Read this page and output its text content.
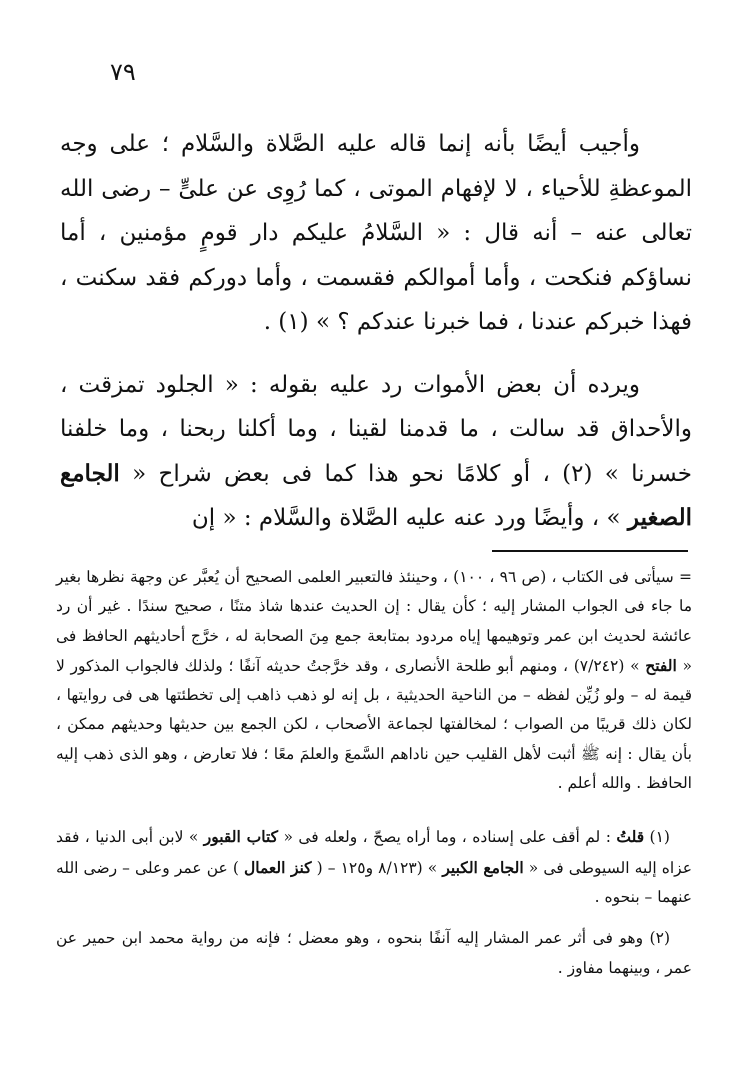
٧٩

وأجيب أيضًا بأنه إنما قاله عليه الصَّلاة والسَّلام ؛ على وجه الموعظةِ للأحياء ، لا لإفهام الموتى ، كما رُوِى عن علىٍّ – رضى الله تعالى عنه – أنه قال : « السَّلامُ عليكم دار قومٍ مؤمنين ، أما نساؤكم فنكحت ، وأما أموالكم فقسمت ، وأما دوركم فقد سكنت ، فهذا خبركم عندنا ، فما خبرنا عندكم ؟ » (١) .

ويرده أن بعض الأموات رد عليه بقوله : « الجلود تمزقت ، والأحداق قد سالت ، ما قدمنا لقينا ، وما أكلنا ربحنا ، وما خلفنا خسرنا » (٢) ، أو كلامًا نحو هذا كما فى بعض شراح « الجامع الصغير » ، وأيضًا ورد عنه عليه الصَّلاة والسَّلام : « إن

= سيأتى فى الكتاب ، (ص ٩٦ ، ١٠٠) ، وحينئذ فالتعبير العلمى الصحيح أن يُعبَّر عن وجهة نظرها بغير ما جاء فى الجواب المشار إليه ؛ كأن يقال : إن الحديث عندها شاذ متنًا ، صحيح سندًا . غير أن رد عائشة لحديث ابن عمر وتوهيمها إياه مردود بمتابعة جمع مِنَ الصحابة له ، خرَّج أحاديثهم الحافظ فى « الفتح » (٧/٢٤٢) ، ومنهم أبو طلحة الأنصارى ، وقد خرَّجتُ حديثه آنفًا ؛ ولذلك فالجواب المذكور لا قيمة له – ولو زُيِّن لفظه – من الناحية الحديثية ، بل إنه لو ذهب ذاهب إلى تخطئتها هى فى روايتها ، لكان ذلك قريبًا من الصواب ؛ لمخالفتها لجماعة الأصحاب ، لكن الجمع بين حديثها وحديثهم ممكن ، بأن يقال : إنه ﷺ أثبت لأهل القليب حين ناداهم السَّمعَ والعلمَ معًا ؛ فلا تعارض ، وهو الذى ذهب إليه الحافظ . والله أعلم .

(١) قلتُ : لم أقف على إسناده ، وما أراه يصحّ ، ولعله فى « كتاب القبور » لابن أبى الدنيا ، فقد عزاه إليه السيوطى فى « الجامع الكبير » (٨/١٢٣ و١٢٥ – ( كنز العمال ) عن عمر وعلى – رضى الله عنهما – بنحوه .

(٢) وهو فى أثر عمر المشار إليه آنفًا بنحوه ، وهو معضل ؛ فإنه من رواية محمد ابن حمير عن عمر ، وبينهما مفاوز .
